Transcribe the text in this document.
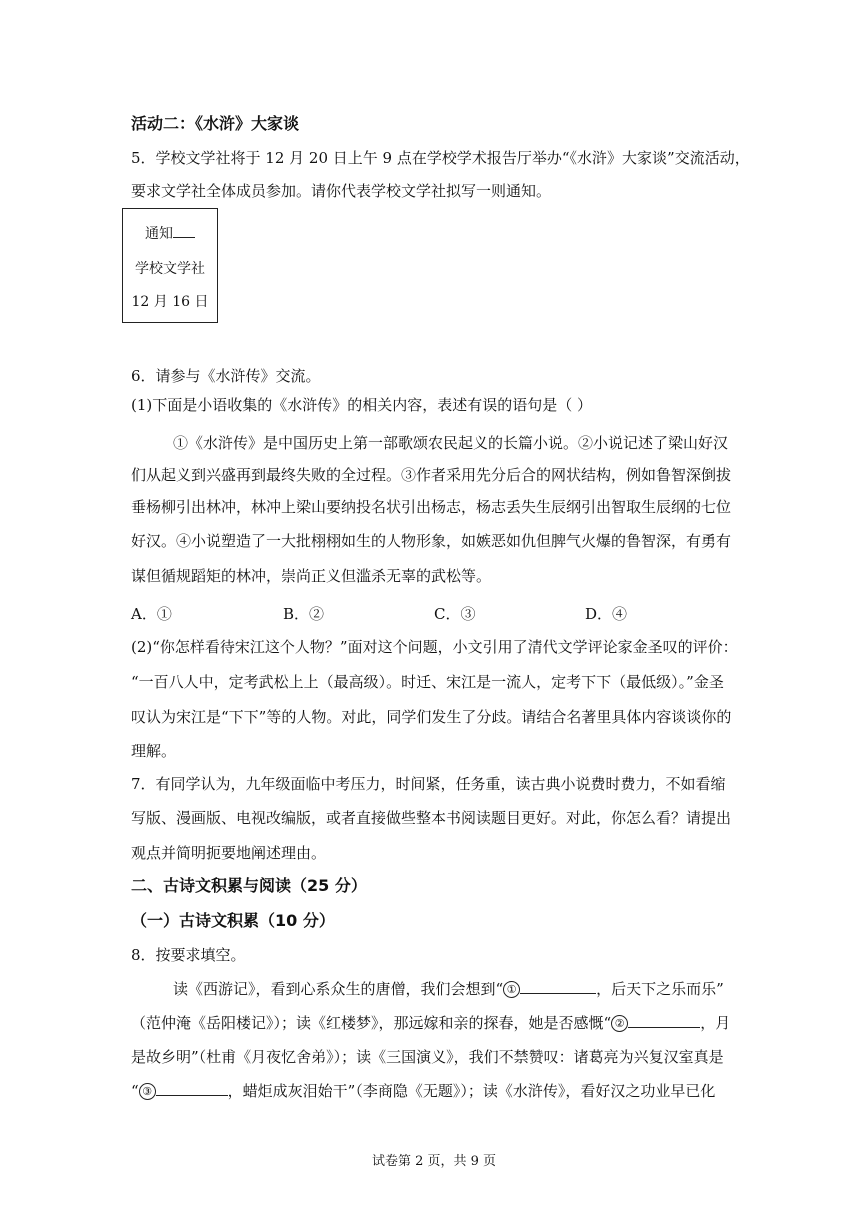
活动二：《水浒》大家谈
5．学校文学社将于 12 月 20 日上午 9 点在学校学术报告厅举办“《水浒》大家谈”交流活动，
要求文学社全体成员参加。请你代表学校文学社拟写一则通知。
通知
学校文学社
12 月 16 日
6．请参与《水浒传》交流。
(1)下面是小语收集的《水浒传》的相关内容，表述有误的语句是（ ）
①《水浒传》是中国历史上第一部歌颂农民起义的长篇小说。②小说记述了梁山好汉
们从起义到兴盛再到最终失败的全过程。③作者采用先分后合的网状结构，例如鲁智深倒拔
垂杨柳引出林冲，林冲上梁山要纳投名状引出杨志，杨志丢失生辰纲引出智取生辰纲的七位
好汉。④小说塑造了一大批栩栩如生的人物形象，如嫉恶如仇但脾气火爆的鲁智深，有勇有
谋但循规蹈矩的林冲，崇尚正义但滥杀无辜的武松等。
A．①	B．②	C．③	D．④
(2)“你怎样看待宋江这个人物？”面对这个问题，小文引用了清代文学评论家金圣叹的评价：
“一百八人中，定考武松上上（最高级）。时迁、宋江是一流人，定考下下（最低级）。”金圣
叹认为宋江是“下下”等的人物。对此，同学们发生了分歧。请结合名著里具体内容谈谈你的
理解。
7．有同学认为，九年级面临中考压力，时间紧，任务重，读古典小说费时费力，不如看缩
写版、漫画版、电视改编版，或者直接做些整本书阅读题目更好。对此，你怎么看？请提出
观点并简明扼要地阐述理由。
二、古诗文积累与阅读（25 分）
（一）古诗文积累（10 分）
8．按要求填空。
读《西游记》，看到心系众生的唐僧，我们会想到“ ①	，后天下之乐而乐”
（范仲淹《岳阳楼记》）；读《红楼梦》，那远嫁和亲的探春，她是否感慨“ ②	，月
是故乡明”（杜甫《月夜忆舍弟》）；读《三国演义》，我们不禁赞叹：诸葛亮为兴复汉室真是
“ ③	，蜡炬成灰泪始干”（李商隐《无题》）；读《水浒传》，看好汉之功业早已化
试卷第 2 页，共 9 页
